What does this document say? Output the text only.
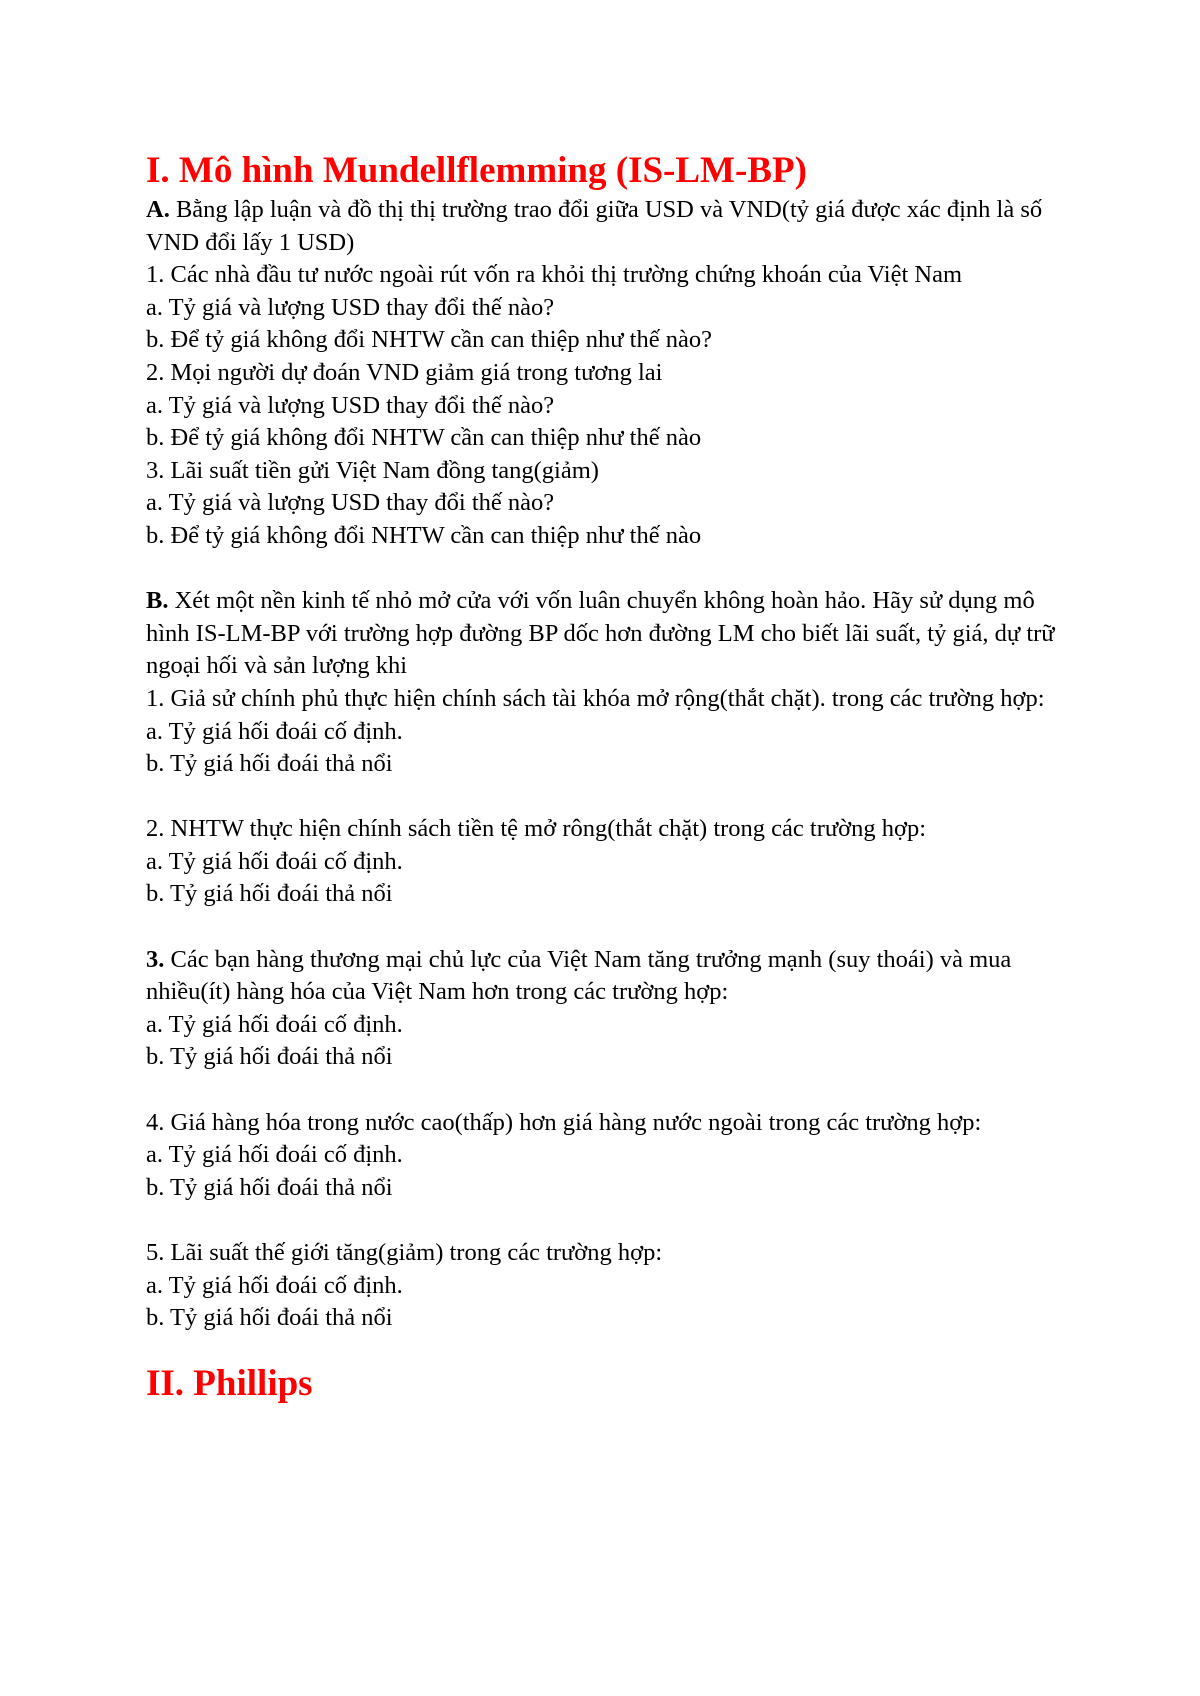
I. Mô hình Mundellflemming (IS-LM-BP)

A. Bằng lập luận và đồ thị thị trường trao đổi giữa USD và VND(tỷ giá được xác định là số VND đổi lấy 1 USD)

1. Các nhà đầu tư nước ngoài rút vốn ra khỏi thị trường chứng khoán của Việt Nam

a. Tỷ giá và lượng USD thay đổi thế nào?

b. Để tỷ giá không đổi NHTW cần can thiệp như thế nào?

2. Mọi người dự đoán VND giảm giá trong tương lai

a. Tỷ giá và lượng USD thay đổi thế nào?

b. Để tỷ giá không đổi NHTW cần can thiệp như thế nào

3. Lãi suất tiền gửi Việt Nam đồng tang(giảm)

a. Tỷ giá và lượng USD thay đổi thế nào?

b. Để tỷ giá không đổi NHTW cần can thiệp như thế nào

B. Xét một nền kinh tế nhỏ mở cửa với vốn luân chuyển không hoàn hảo. Hãy sử dụng mô hình IS-LM-BP với trường hợp đường BP dốc hơn đường LM cho biết lãi suất, tỷ giá, dự trữ ngoại hối và sản lượng khi

1. Giả sử chính phủ thực hiện chính sách tài khóa mở rộng(thắt chặt). trong các trường hợp:

a. Tỷ giá hối đoái cố định.

b. Tỷ giá hối đoái thả nổi

2. NHTW thực hiện chính sách tiền tệ mở rông(thắt chặt) trong các trường hợp:

a. Tỷ giá hối đoái cố định.

b. Tỷ giá hối đoái thả nổi

3. Các bạn hàng thương mại chủ lực của Việt Nam tăng trưởng mạnh (suy thoái) và mua nhiều(ít) hàng hóa của Việt Nam hơn trong các trường hợp:

a. Tỷ giá hối đoái cố định.

b. Tỷ giá hối đoái thả nổi

4. Giá hàng hóa trong nước cao(thấp) hơn giá hàng nước ngoài trong các trường hợp:

a. Tỷ giá hối đoái cố định.

b. Tỷ giá hối đoái thả nổi

5. Lãi suất thế giới tăng(giảm) trong các trường hợp:

a. Tỷ giá hối đoái cố định.

b. Tỷ giá hối đoái thả nổi

II. Phillips
